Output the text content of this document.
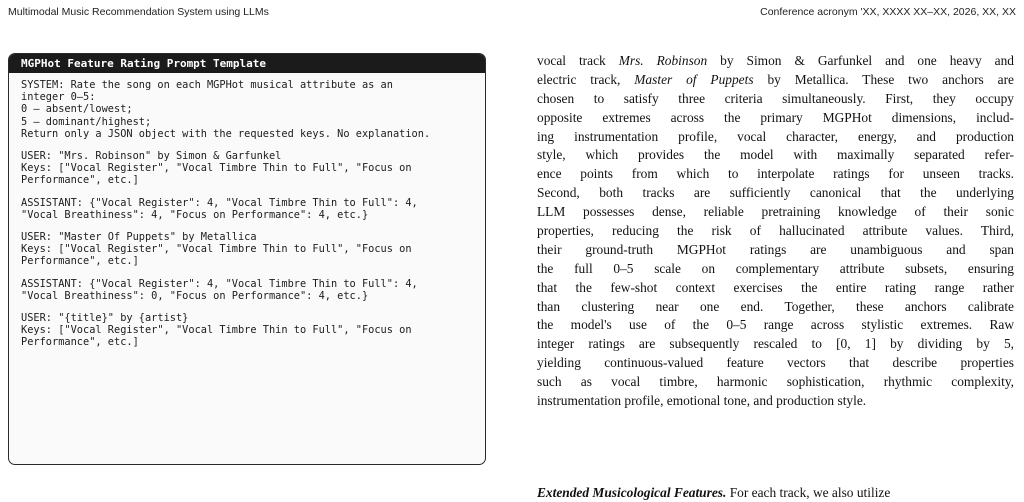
Multimodal Music Recommendation System using LLMs	Conference acronym 'XX, XXXX XX–XX, 2026, XX, XX
MGPHot Feature Rating Prompt Template
SYSTEM: Rate the song on each MGPHot musical attribute as an
integer 0–5:
0 – absent/lowest;
5 – dominant/highest;
Return only a JSON object with the requested keys. No explanation.
USER: "Mrs. Robinson" by Simon & Garfunkel
Keys: ["Vocal Register", "Vocal Timbre Thin to Full", "Focus on
Performance", etc.]
ASSISTANT: {"Vocal Register": 4, "Vocal Timbre Thin to Full": 4,
"Vocal Breathiness": 4, "Focus on Performance": 4, etc.}
USER: "Master Of Puppets" by Metallica
Keys: ["Vocal Register", "Vocal Timbre Thin to Full", "Focus on
Performance", etc.]
ASSISTANT: {"Vocal Register": 4, "Vocal Timbre Thin to Full": 4,
"Vocal Breathiness": 0, "Focus on Performance": 4, etc.}
USER: "{title}" by {artist}
Keys: ["Vocal Register", "Vocal Timbre Thin to Full", "Focus on
Performance", etc.]
vocal track Mrs. Robinson by Simon & Garfunkel and one heavy and
electric track, Master of Puppets by Metallica. These two anchors are
chosen to satisfy three criteria simultaneously. First, they occupy
opposite extremes across the primary MGPHot dimensions, includ-
ing instrumentation profile, vocal character, energy, and production
style, which provides the model with maximally separated refer-
ence points from which to interpolate ratings for unseen tracks.
Second, both tracks are sufficiently canonical that the underlying
LLM possesses dense, reliable pretraining knowledge of their sonic
properties, reducing the risk of hallucinated attribute values. Third,
their ground-truth MGPHot ratings are unambiguous and span
the full 0–5 scale on complementary attribute subsets, ensuring
that the few-shot context exercises the entire rating range rather
than clustering near one end. Together, these anchors calibrate
the model's use of the 0–5 range across stylistic extremes. Raw
integer ratings are subsequently rescaled to [0, 1] by dividing by 5,
yielding continuous-valued feature vectors that describe properties
such as vocal timbre, harmonic sophistication, rhythmic complexity,
instrumentation profile, emotional tone, and production style.
Extended Musicological Features. For each track, we also utilize
